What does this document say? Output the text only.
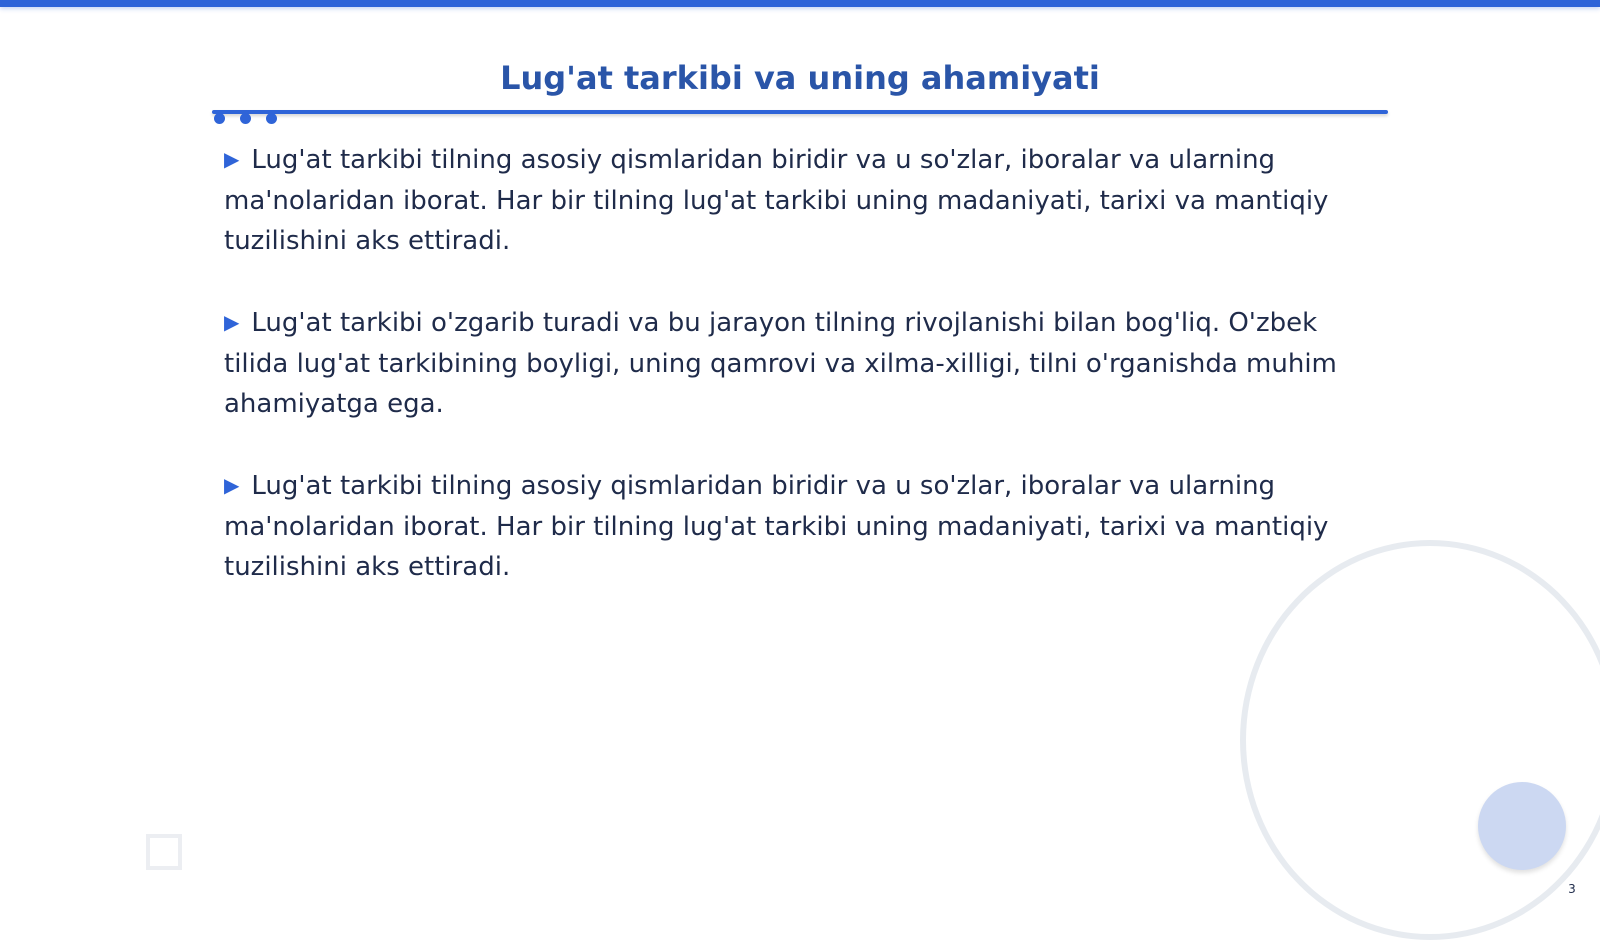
Lug'at tarkibi va uning ahamiyati
▶ Lug'at tarkibi tilning asosiy qismlaridan biridir va u so'zlar, iboralar va ularning ma'nolaridan iborat. Har bir tilning lug'at tarkibi uning madaniyati, tarixi va mantiqiy tuzilishini aks ettiradi.
▶ Lug'at tarkibi o'zgarib turadi va bu jarayon tilning rivojlanishi bilan bog'liq. O'zbek tilida lug'at tarkibining boyligi, uning qamrovi va xilma-xilligi, tilni o'rganishda muhim ahamiyatga ega.
▶ Lug'at tarkibi tilning asosiy qismlaridan biridir va u so'zlar, iboralar va ularning ma'nolaridan iborat. Har bir tilning lug'at tarkibi uning madaniyati, tarixi va mantiqiy tuzilishini aks ettiradi.
3
